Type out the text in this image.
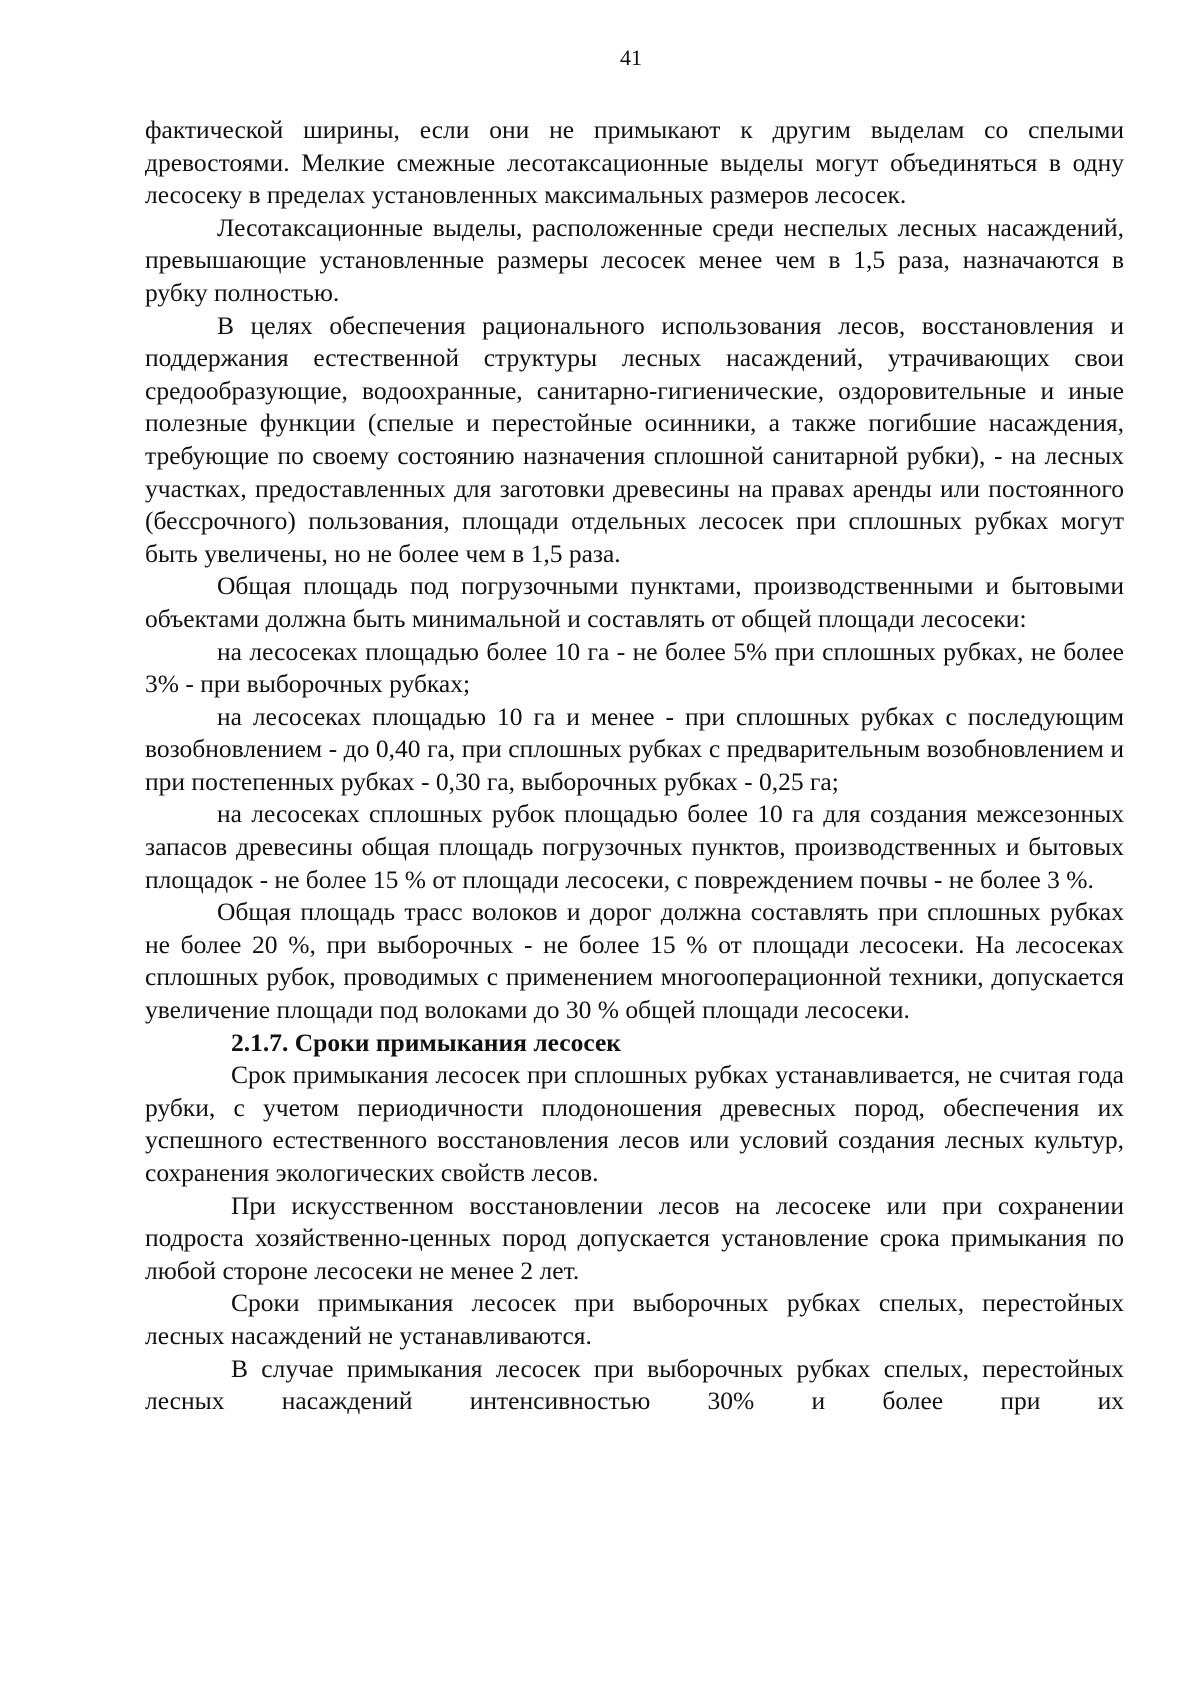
41

фактической ширины, если они не примыкают к другим выделам со спелыми древостоями. Мелкие смежные лесотаксационные выделы могут объединяться в одну лесосеку в пределах установленных максимальных размеров лесосек.

Лесотаксационные выделы, расположенные среди неспелых лесных насаждений, превышающие установленные размеры лесосек менее чем в 1,5 раза, назначаются в рубку полностью.

В целях обеспечения рационального использования лесов, восстановления и поддержания естественной структуры лесных насаждений, утрачивающих свои средообразующие, водоохранные, санитарно-гигиенические, оздоровительные и иные полезные функции (спелые и перестойные осинники, а также погибшие насаждения, требующие по своему состоянию назначения сплошной санитарной рубки), - на лесных участках, предоставленных для заготовки древесины на правах аренды или постоянного (бессрочного) пользования, площади отдельных лесосек при сплошных рубках могут быть увеличены, но не более чем в 1,5 раза.

Общая площадь под погрузочными пунктами, производственными и бытовыми объектами должна быть минимальной и составлять от общей площади лесосеки:

на лесосеках площадью более 10 га - не более 5% при сплошных рубках, не более 3% - при выборочных рубках;

на лесосеках площадью 10 га и менее - при сплошных рубках с последующим возобновлением - до 0,40 га, при сплошных рубках с предварительным возобновлением и при постепенных рубках - 0,30 га, выборочных рубках - 0,25 га;

на лесосеках сплошных рубок площадью более 10 га для создания межсезонных запасов древесины общая площадь погрузочных пунктов, производственных и бытовых площадок - не более 15 % от площади лесосеки, с повреждением почвы - не более 3 %.

Общая площадь трасс волоков и дорог должна составлять при сплошных рубках не более 20 %, при выборочных - не более 15 % от площади лесосеки. На лесосеках сплошных рубок, проводимых с применением многооперационной техники, допускается увеличение площади под волоками до 30 % общей площади лесосеки.

2.1.7. Сроки примыкания лесосек

Срок примыкания лесосек при сплошных рубках устанавливается, не считая года рубки, с учетом периодичности плодоношения древесных пород, обеспечения их успешного естественного восстановления лесов или условий создания лесных культур, сохранения экологических свойств лесов.

При искусственном восстановлении лесов на лесосеке или при сохранении подроста хозяйственно-ценных пород допускается установление срока примыкания по любой стороне лесосеки не менее 2 лет.

Сроки примыкания лесосек при выборочных рубках спелых, перестойных лесных насаждений не устанавливаются.

В случае примыкания лесосек при выборочных рубках спелых, перестойных лесных насаждений интенсивностью 30% и более при их
